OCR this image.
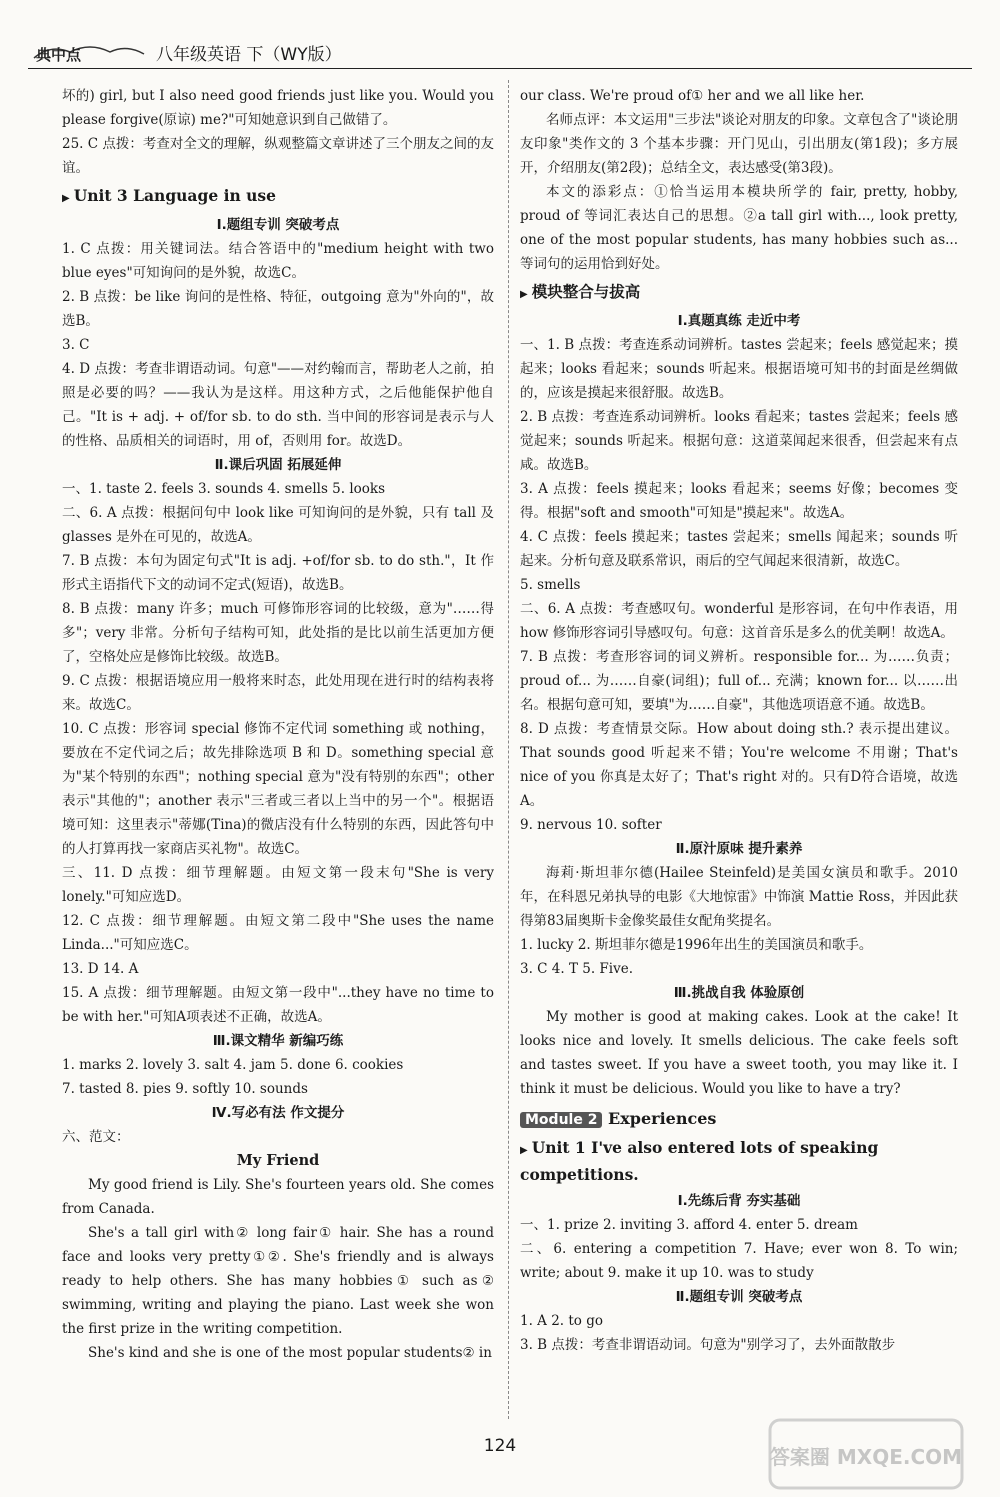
典中点	八年级英语 下（WY版）

坏的) girl, but I also need good friends just like you. Would you please forgive(原谅) me?"可知她意识到自己做错了。

25. C 点拨：考查对全文的理解，纵观整篇文章讲述了三个朋友之间的友谊。

▶ Unit 3 Language in use
Ⅰ.题组专训 突破考点

1. C 点拨：用关键词法。结合答语中的"medium height with two blue eyes"可知询问的是外貌，故选C。

2. B 点拨：be like 询问的是性格、特征，outgoing 意为"外向的"，故选B。

3. C

4. D 点拨：考查非谓语动词。句意"——对约翰而言，帮助老人之前，拍照是必要的吗？——我认为是这样。用这种方式，之后他能保护他自己。"It is + adj. + of/for sb. to do sth. 当中间的形容词是表示与人的性格、品质相关的词语时，用 of，否则用 for。故选D。

Ⅱ.课后巩固 拓展延伸

一、1. taste 2. feels 3. sounds 4. smells 5. looks

二、6. A 点拨：根据问句中 look like 可知询问的是外貌，只有 tall 及 glasses 是外在可见的，故选A。

7. B 点拨：本句为固定句式"It is adj. +of/for sb. to do sth."，It 作形式主语指代下文的动词不定式(短语)，故选B。

8. B 点拨：many 许多；much 可修饰形容词的比较级，意为"……得多"；very 非常。分析句子结构可知，此处指的是比以前生活更加方便了，空格处应是修饰比较级。故选B。

9. C 点拨：根据语境应用一般将来时态，此处用现在进行时的结构表将来。故选C。

10. C 点拨：形容词 special 修饰不定代词 something 或 nothing，要放在不定代词之后；故先排除选项 B 和 D。something special 意为"某个特别的东西"；nothing special 意为"没有特别的东西"；other 表示"其他的"；another 表示"三者或三者以上当中的另一个"。根据语境可知：这里表示"蒂娜(Tina)的微店没有什么特别的东西，因此答句中的人打算再找一家商店买礼物"。故选C。

三、11. D 点拨：细节理解题。由短文第一段末句"She is very lonely."可知应选D。

12. C 点拨：细节理解题。由短文第二段中"She uses the name Linda..."可知应选C。

13. D 14. A

15. A 点拨：细节理解题。由短文第一段中"...they have no time to be with her."可知A项表述不正确，故选A。

Ⅲ.课文精华 新编巧练

1. marks 2. lovely 3. salt 4. jam 5. done 6. cookies

7. tasted 8. pies 9. softly 10. sounds

Ⅳ.写必有法 作文提分

六、范文：

My Friend

My good friend is Lily. She's fourteen years old. She comes from Canada.

She's a tall girl with② long fair① hair. She has a round face and looks very pretty①②. She's friendly and is always ready to help others. She has many hobbies① such as② swimming, writing and playing the piano. Last week she won the first prize in the writing competition.

She's kind and she is one of the most popular students② in

our class. We're proud of① her and we all like her.

名师点评：本文运用"三步法"谈论对朋友的印象。文章包含了"谈论朋友印象"类作文的 3 个基本步骤：开门见山，引出朋友(第1段)；多方展开，介绍朋友(第2段)；总结全文，表达感受(第3段)。

本文的添彩点：①恰当运用本模块所学的 fair, pretty, hobby, proud of 等词汇表达自己的思想。②a tall girl with..., look pretty, one of the most popular students, has many hobbies such as... 等词句的运用恰到好处。

▶ 模块整合与拔高
Ⅰ.真题真练 走近中考

一、1. B 点拨：考查连系动词辨析。tastes 尝起来；feels 感觉起来；摸起来；looks 看起来；sounds 听起来。根据语境可知书的封面是丝绸做的，应该是摸起来很舒服。故选B。

2. B 点拨：考查连系动词辨析。looks 看起来；tastes 尝起来；feels 感觉起来；sounds 听起来。根据句意：这道菜闻起来很香，但尝起来有点咸。故选B。

3. A 点拨：feels 摸起来；looks 看起来；seems 好像；becomes 变得。根据"soft and smooth"可知是"摸起来"。故选A。

4. C 点拨：feels 摸起来；tastes 尝起来；smells 闻起来；sounds 听起来。分析句意及联系常识，雨后的空气闻起来很清新，故选C。

5. smells

二、6. A 点拨：考查感叹句。wonderful 是形容词，在句中作表语，用 how 修饰形容词引导感叹句。句意：这首音乐是多么的优美啊！故选A。

7. B 点拨：考查形容词的词义辨析。responsible for... 为……负责；proud of... 为……自豪(词组)；full of... 充满；known for... 以……出名。根据句意可知，要填"为……自豪"，其他选项语意不通。故选B。

8. D 点拨：考查情景交际。How about doing sth.? 表示提出建议。That sounds good 听起来不错；You're welcome 不用谢；That's nice of you 你真是太好了；That's right 对的。只有D符合语境，故选A。

9. nervous 10. softer

Ⅱ.原汁原味 提升素养

海莉·斯坦菲尔德(Hailee Steinfeld)是美国女演员和歌手。2010年，在科恩兄弟执导的电影《大地惊雷》中饰演 Mattie Ross，并因此获得第83届奥斯卡金像奖最佳女配角奖提名。

1. lucky 2. 斯坦菲尔德是1996年出生的美国演员和歌手。

3. C 4. T 5. Five.

Ⅲ.挑战自我 体验原创

My mother is good at making cakes. Look at the cake! It looks nice and lovely. It smells delicious. The cake feels soft and tastes sweet. If you have a sweet tooth, you may like it. I think it must be delicious. Would you like to have a try?

Module 2 Experiences
▶ Unit 1 I've also entered lots of speaking competitions.
Ⅰ.先练后背 夯实基础

一、1. prize 2. inviting 3. afford 4. enter 5. dream

二、6. entering a competition 7. Have; ever won 8. To win; write; about 9. make it up 10. was to study

Ⅱ.题组专训 突破考点

1. A 2. to go

3. B 点拨：考查非谓语动词。句意为"别学习了，去外面散散步

124	答案圈 MXQE.COM
